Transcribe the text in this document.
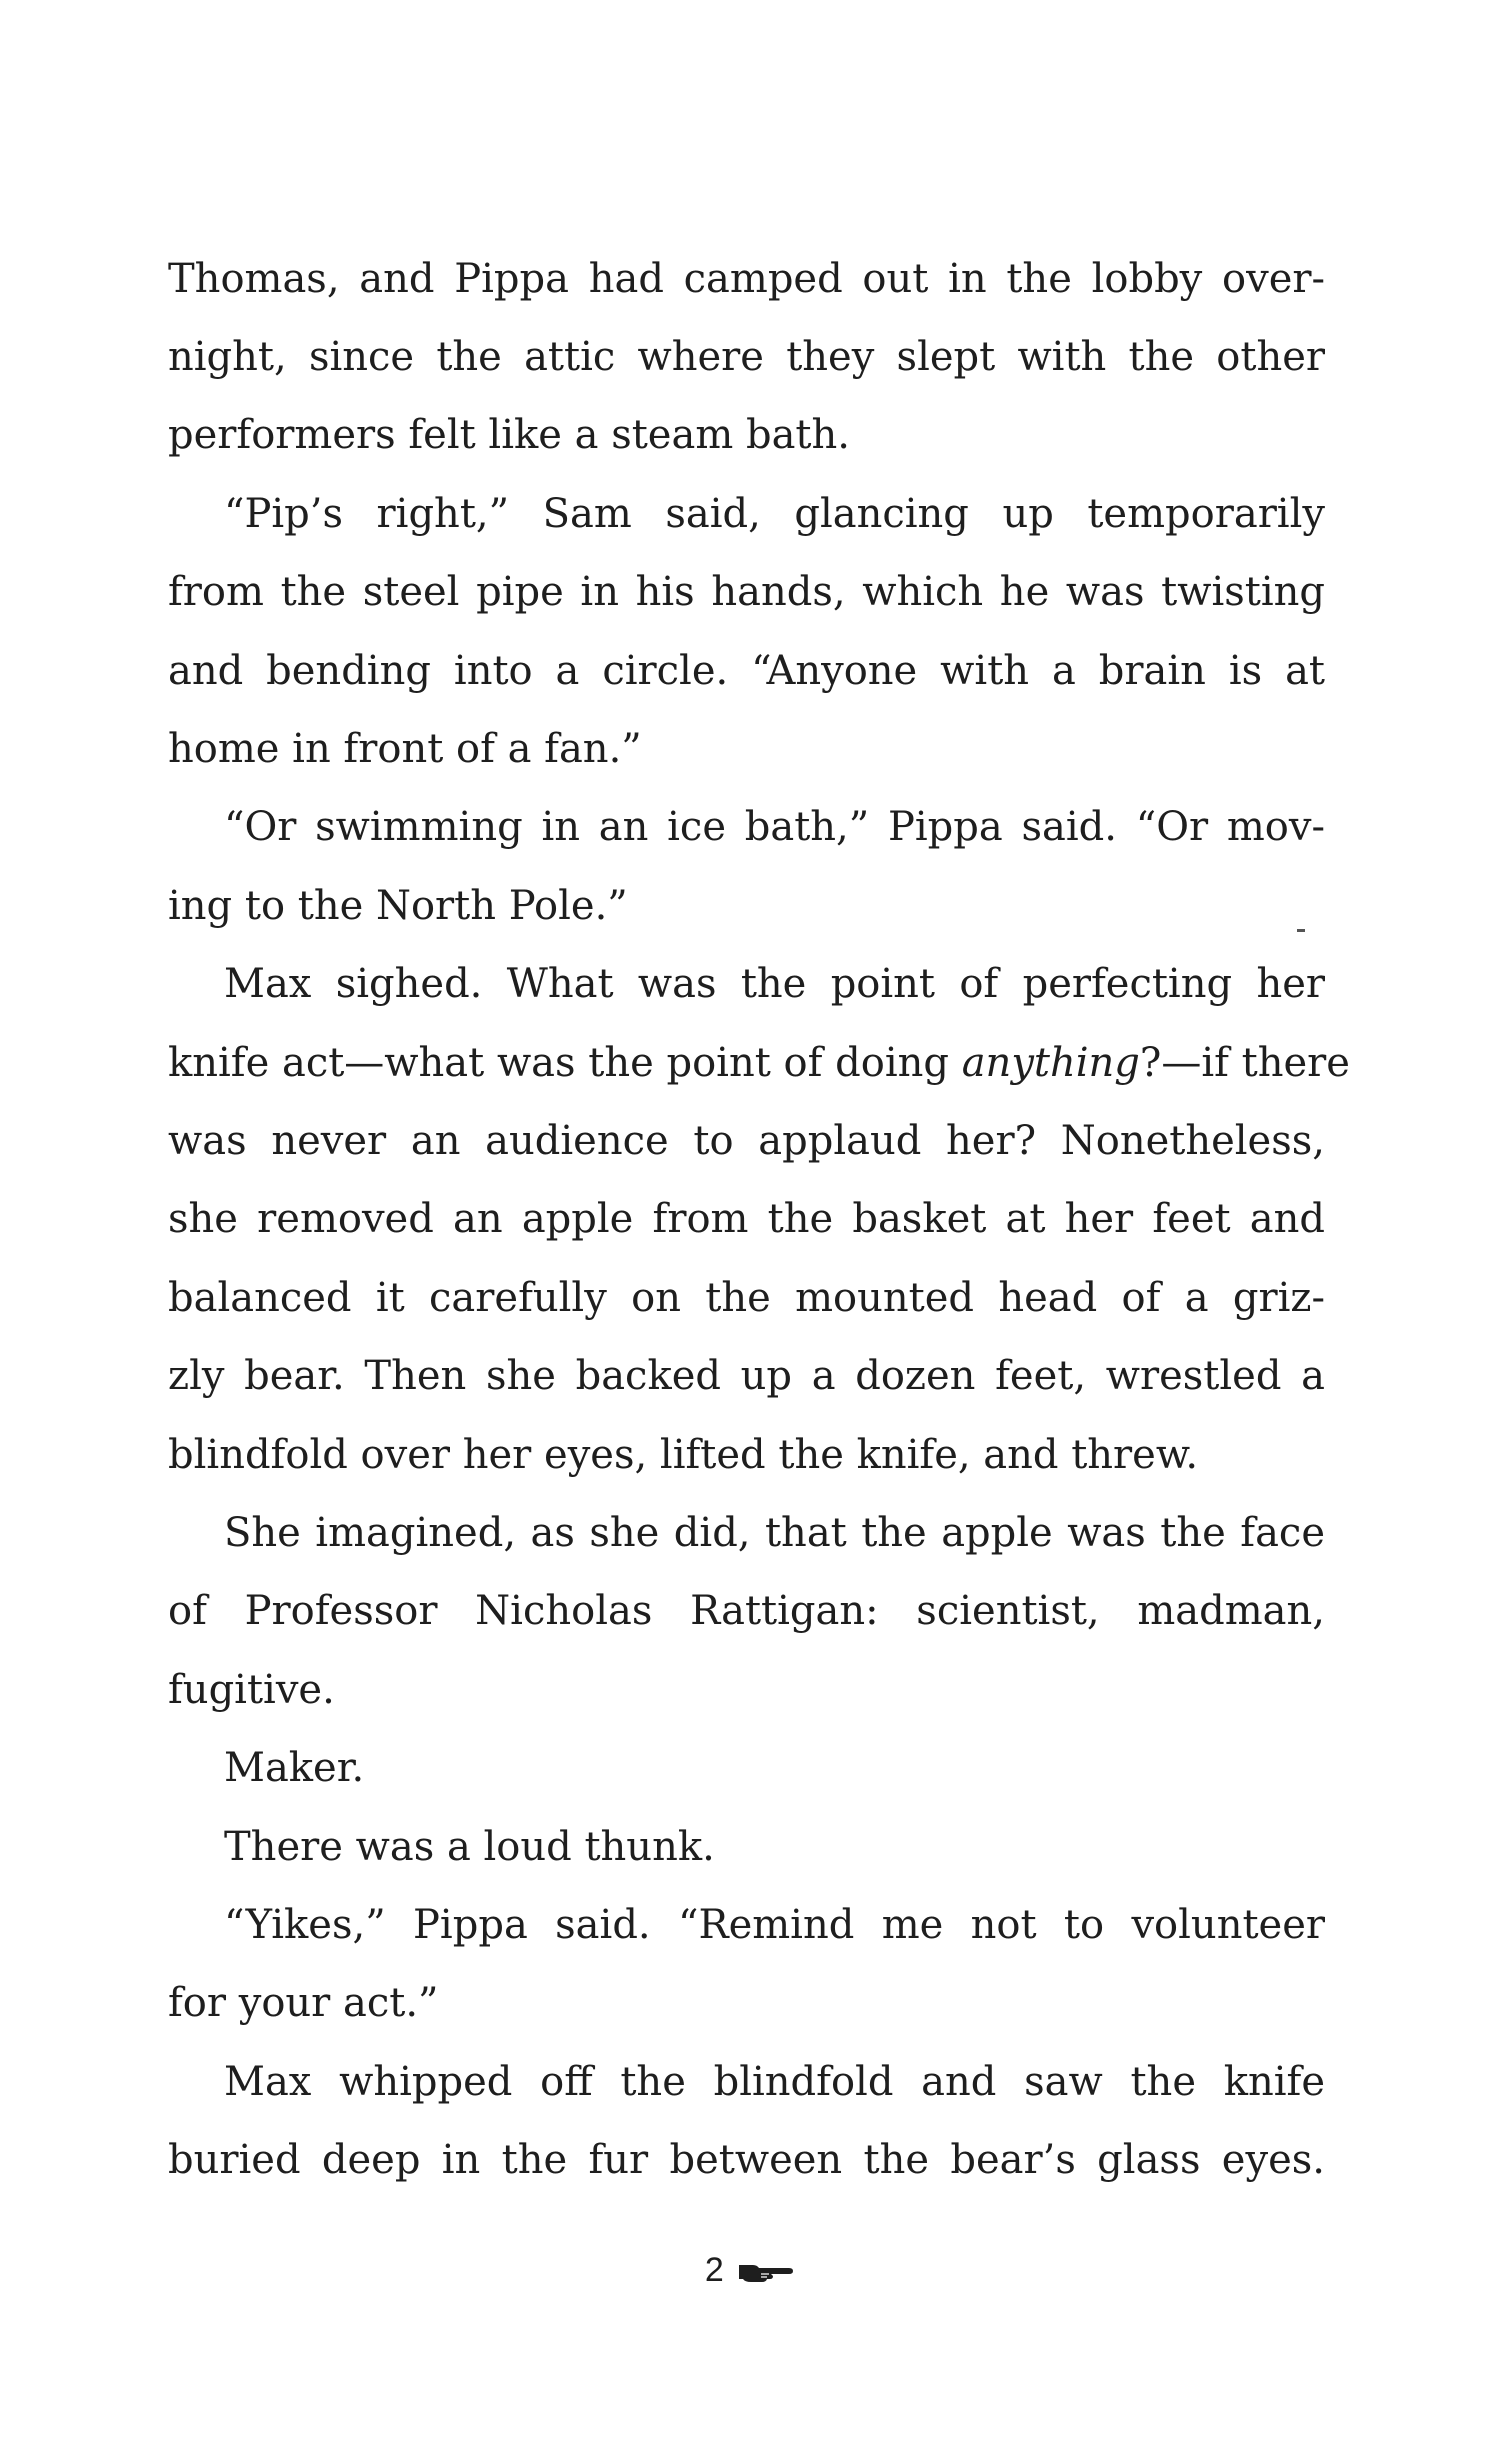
Thomas, and Pippa had camped out in the lobby over-

night, since the attic where they slept with the other

performers felt like a steam bath.

“Pip’s right,” Sam said, glancing up temporarily

from the steel pipe in his hands, which he was twisting

and bending into a circle. “Anyone with a brain is at

home in front of a fan.”

“Or swimming in an ice bath,” Pippa said. “Or mov-

ing to the North Pole.”

Max sighed. What was the point of perfecting her

knife act—what was the point of doing anything?—if there

was never an audience to applaud her? Nonetheless,

she removed an apple from the basket at her feet and

balanced it carefully on the mounted head of a griz-

zly bear. Then she backed up a dozen feet, wrestled a

blindfold over her eyes, lifted the knife, and threw.

She imagined, as she did, that the apple was the face

of Professor Nicholas Rattigan: scientist, madman,

fugitive.

Maker.

There was a loud thunk.

“Yikes,” Pippa said. “Remind me not to volunteer

for your act.”

Max whipped off the blindfold and saw the knife

buried deep in the fur between the bear’s glass eyes.

2
